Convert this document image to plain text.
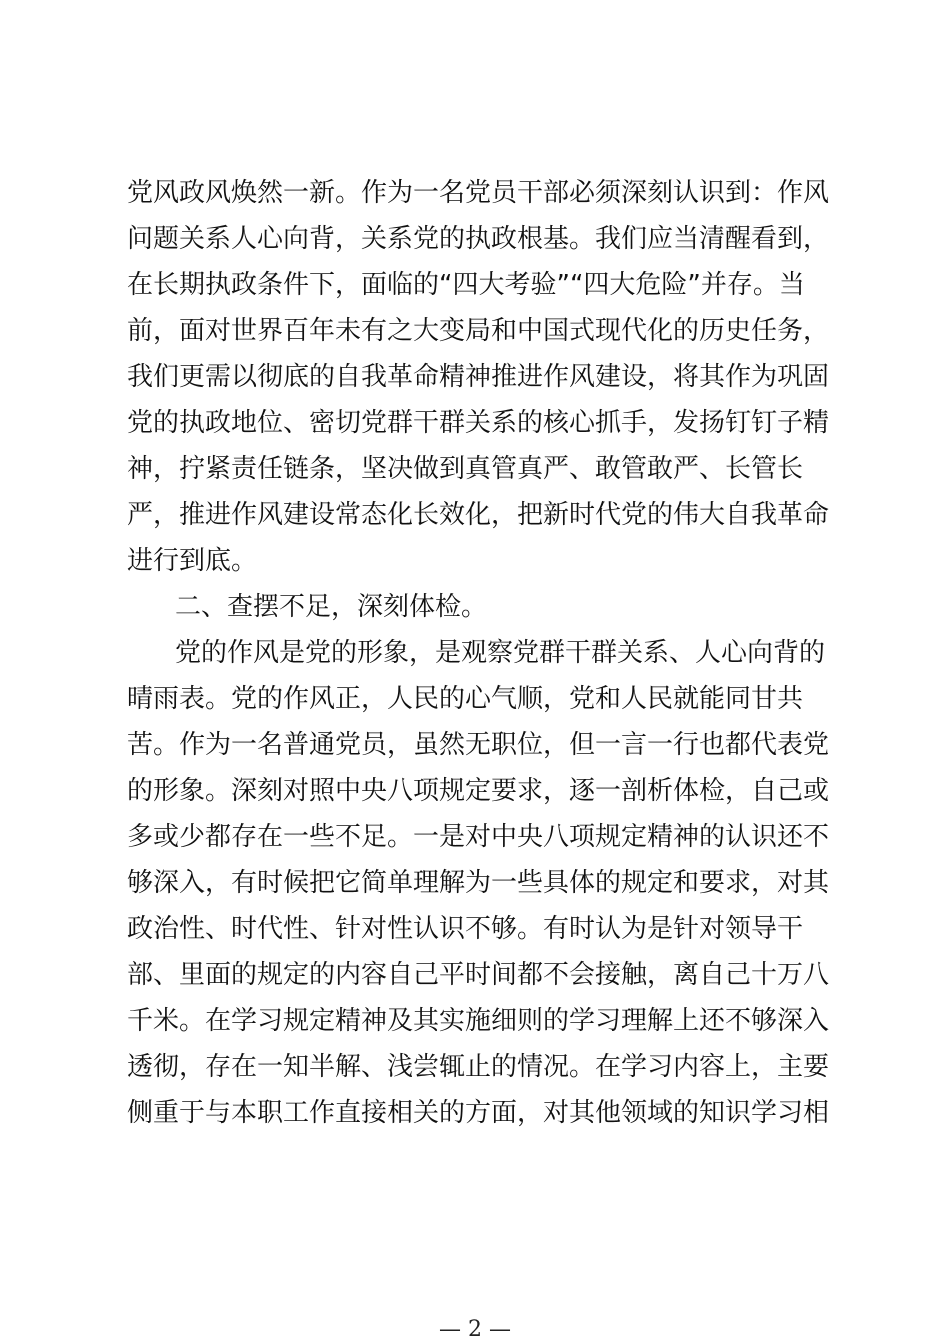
党风政风焕然一新。作为一名党员干部必须深刻认识到：作风
问题关系人心向背，关系党的执政根基。我们应当清醒看到，
在长期执政条件下，面临的“四大考验”“四大危险”并存。当
前，面对世界百年未有之大变局和中国式现代化的历史任务，
我们更需以彻底的自我革命精神推进作风建设，将其作为巩固
党的执政地位、密切党群干群关系的核心抓手，发扬钉钉子精
神，拧紧责任链条，坚决做到真管真严、敢管敢严、长管长
严，推进作风建设常态化长效化，把新时代党的伟大自我革命
进行到底。
二、查摆不足，深刻体检。
党的作风是党的形象，是观察党群干群关系、人心向背的
晴雨表。党的作风正，人民的心气顺，党和人民就能同甘共
苦。作为一名普通党员，虽然无职位，但一言一行也都代表党
的形象。深刻对照中央八项规定要求，逐一剖析体检，自己或
多或少都存在一些不足。一是对中央八项规定精神的认识还不
够深入，有时候把它简单理解为一些具体的规定和要求，对其
政治性、时代性、针对性认识不够。有时认为是针对领导干
部、里面的规定的内容自己平时间都不会接触，离自己十万八
千米。在学习规定精神及其实施细则的学习理解上还不够深入
透彻，存在一知半解、浅尝辄止的情况。在学习内容上，主要
侧重于与本职工作直接相关的方面，对其他领域的知识学习相
— 2 —
